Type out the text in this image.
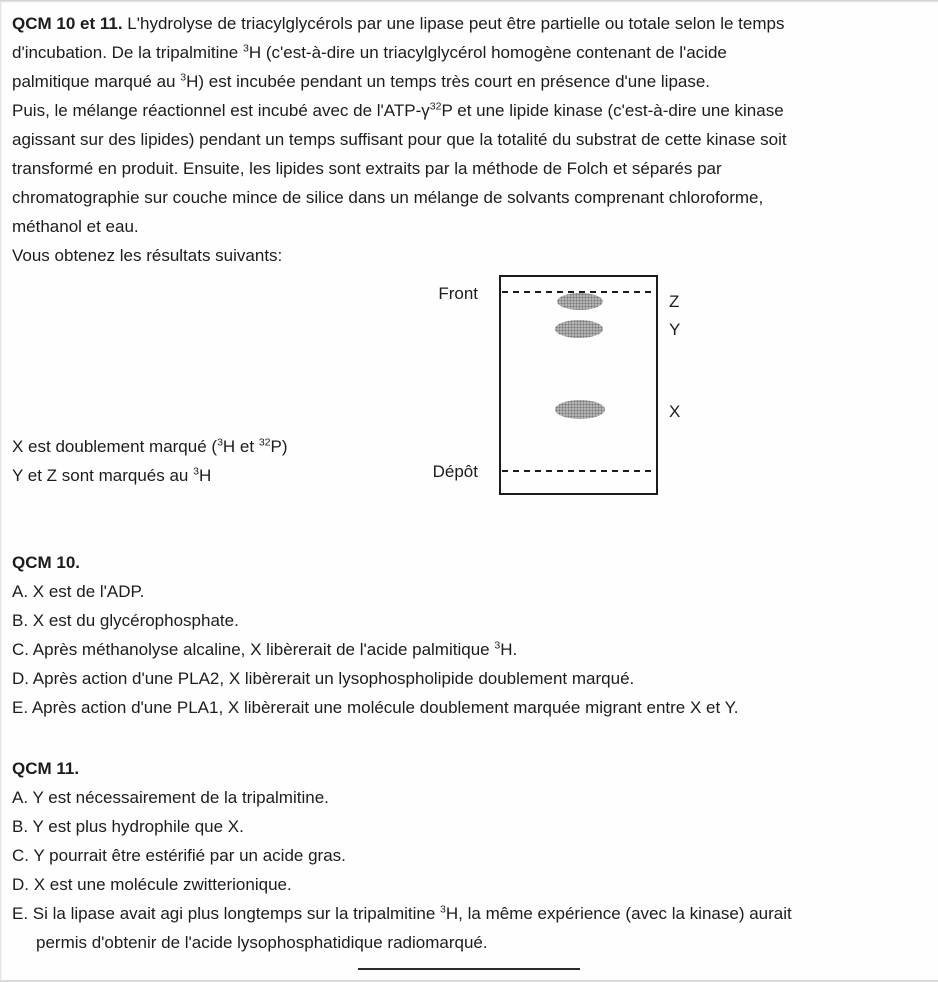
QCM 10 et 11. L'hydrolyse de triacylglycérols par une lipase peut être partielle ou totale selon le temps
d'incubation. De la tripalmitine $^3$H (c'est-à-dire un triacylglycérol homogène contenant de l'acide
palmitique marqué au $^3$H) est incubée pendant un temps très court en présence d'une lipase.
Puis, le mélange réactionnel est incubé avec de $l'ATP-\gamma^{32}P$ et une lipide kinase (c'est-à-dire une kinase
agissant sur des lipides) pendant un temps suffisant pour que la totalité du substrat de cette kinase soit
transformé en produit. Ensuite, les lipides sont extraits par la méthode de Folch et séparés par
chromatographie sur couche mince de silice dans un mélange de solvants comprenant chloroforme,
méthanol et eau.
Vous obtenez les résultats suivants:
Front
Dépôt
Z
Y
X
X est doublement marqué ($^3$H et $^{32}$P)
Y et Z sont marqués au $^3$H
QCM 10.
A. X est de l'ADP.
B. X est du glycérophosphate.
C. Après méthanolyse alcaline, X libèrerait de l'acide palmitique $^3$H.
D. Après action d'une PLA2, X libèrerait un lysophospholipide doublement marqué.
E. Après action d'une PLA1, X libèrerait une molécule doublement marquée migrant entre X et Y.
QCM 11.
A. Y est nécessairement de la tripalmitine.
B. Y est plus hydrophile que X.
C. Y pourrait être estérifié par un acide gras.
D. X est une molécule zwitterionique.
E. Si la lipase avait agi plus longtemps sur la tripalmitine $^3$H, la même expérience (avec la kinase) aurait
permis d'obtenir de l'acide lysophosphatidique radiomarqué.
